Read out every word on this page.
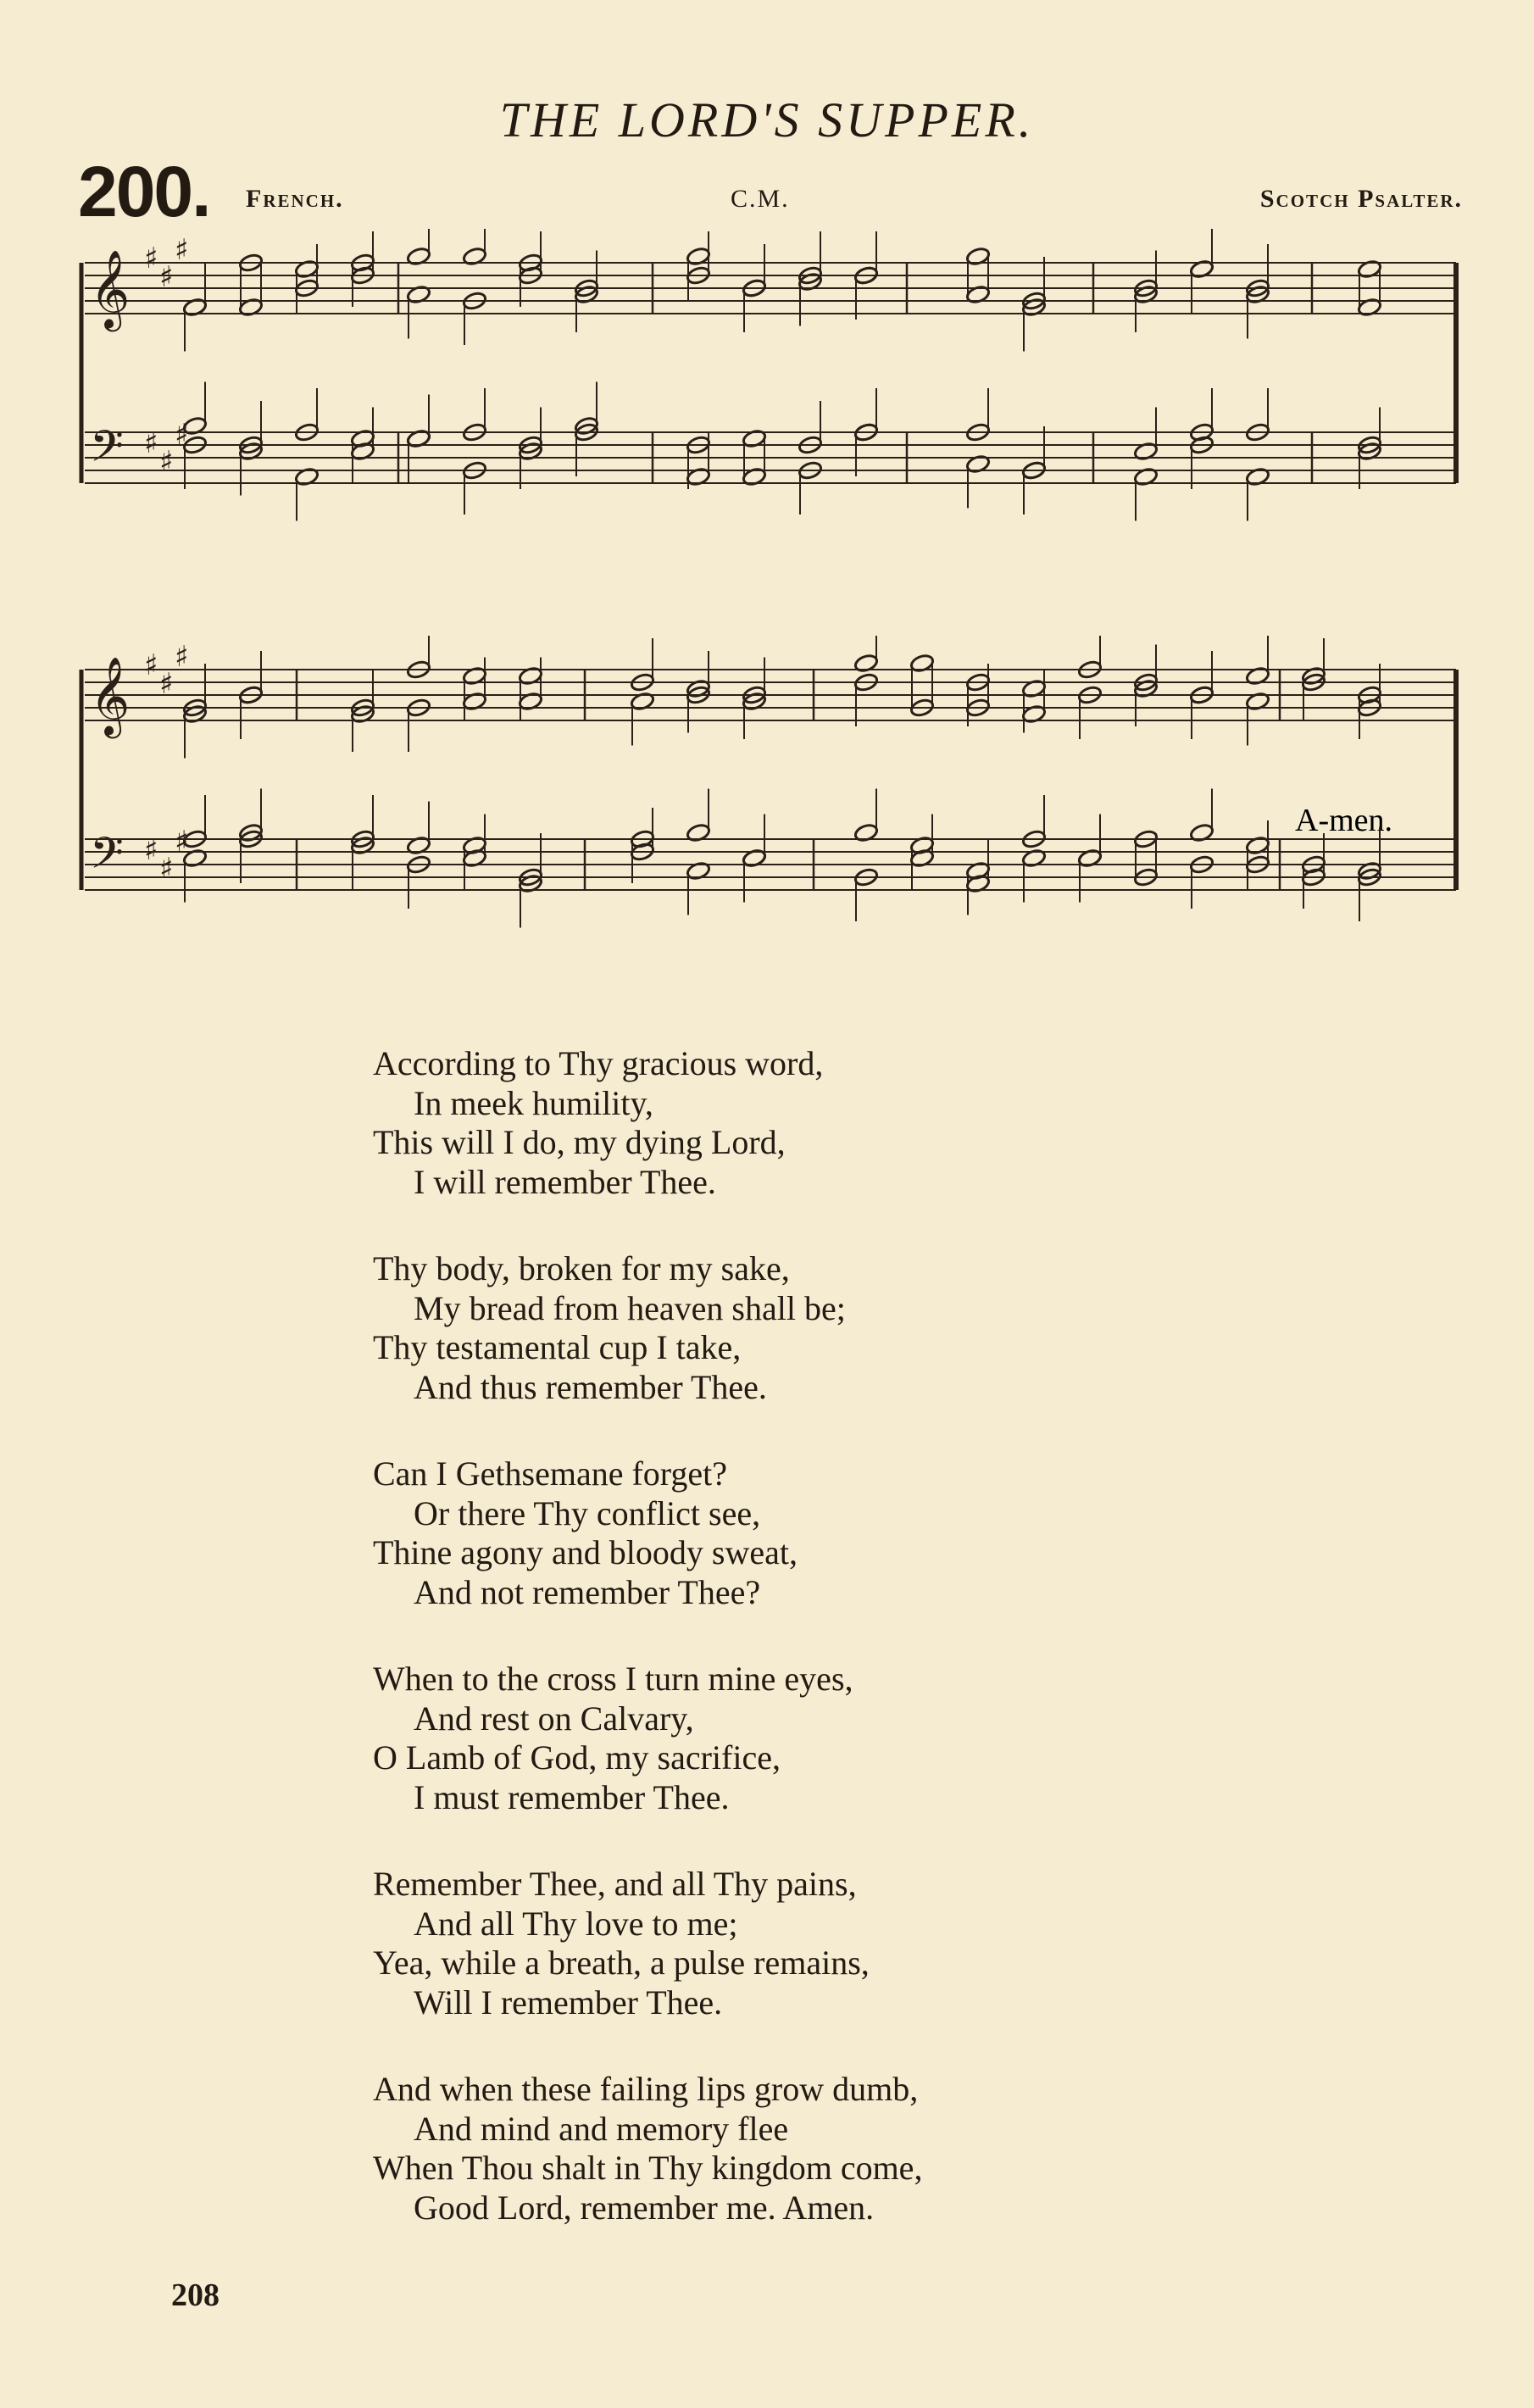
THE LORD'S SUPPER.
200. French.	C.M.	Scotch Psalter.
𝄞 ♯
♯
♯
𝄢 ♯
♯
♯
A-men.
𝄞 ♯
♯
♯
𝄢 ♯
♯
♯
According to Thy gracious word,
In meek humility,
This will I do, my dying Lord,
I will remember Thee.
Thy body, broken for my sake,
My bread from heaven shall be;
Thy testamental cup I take,
And thus remember Thee.
Can I Gethsemane forget?
Or there Thy conflict see,
Thine agony and bloody sweat,
And not remember Thee?
When to the cross I turn mine eyes,
And rest on Calvary,
O Lamb of God, my sacrifice,
I must remember Thee.
Remember Thee, and all Thy pains,
And all Thy love to me;
Yea, while a breath, a pulse remains,
Will I remember Thee.
And when these failing lips grow dumb,
And mind and memory flee
When Thou shalt in Thy kingdom come,
Good Lord, remember me. Amen.
208
